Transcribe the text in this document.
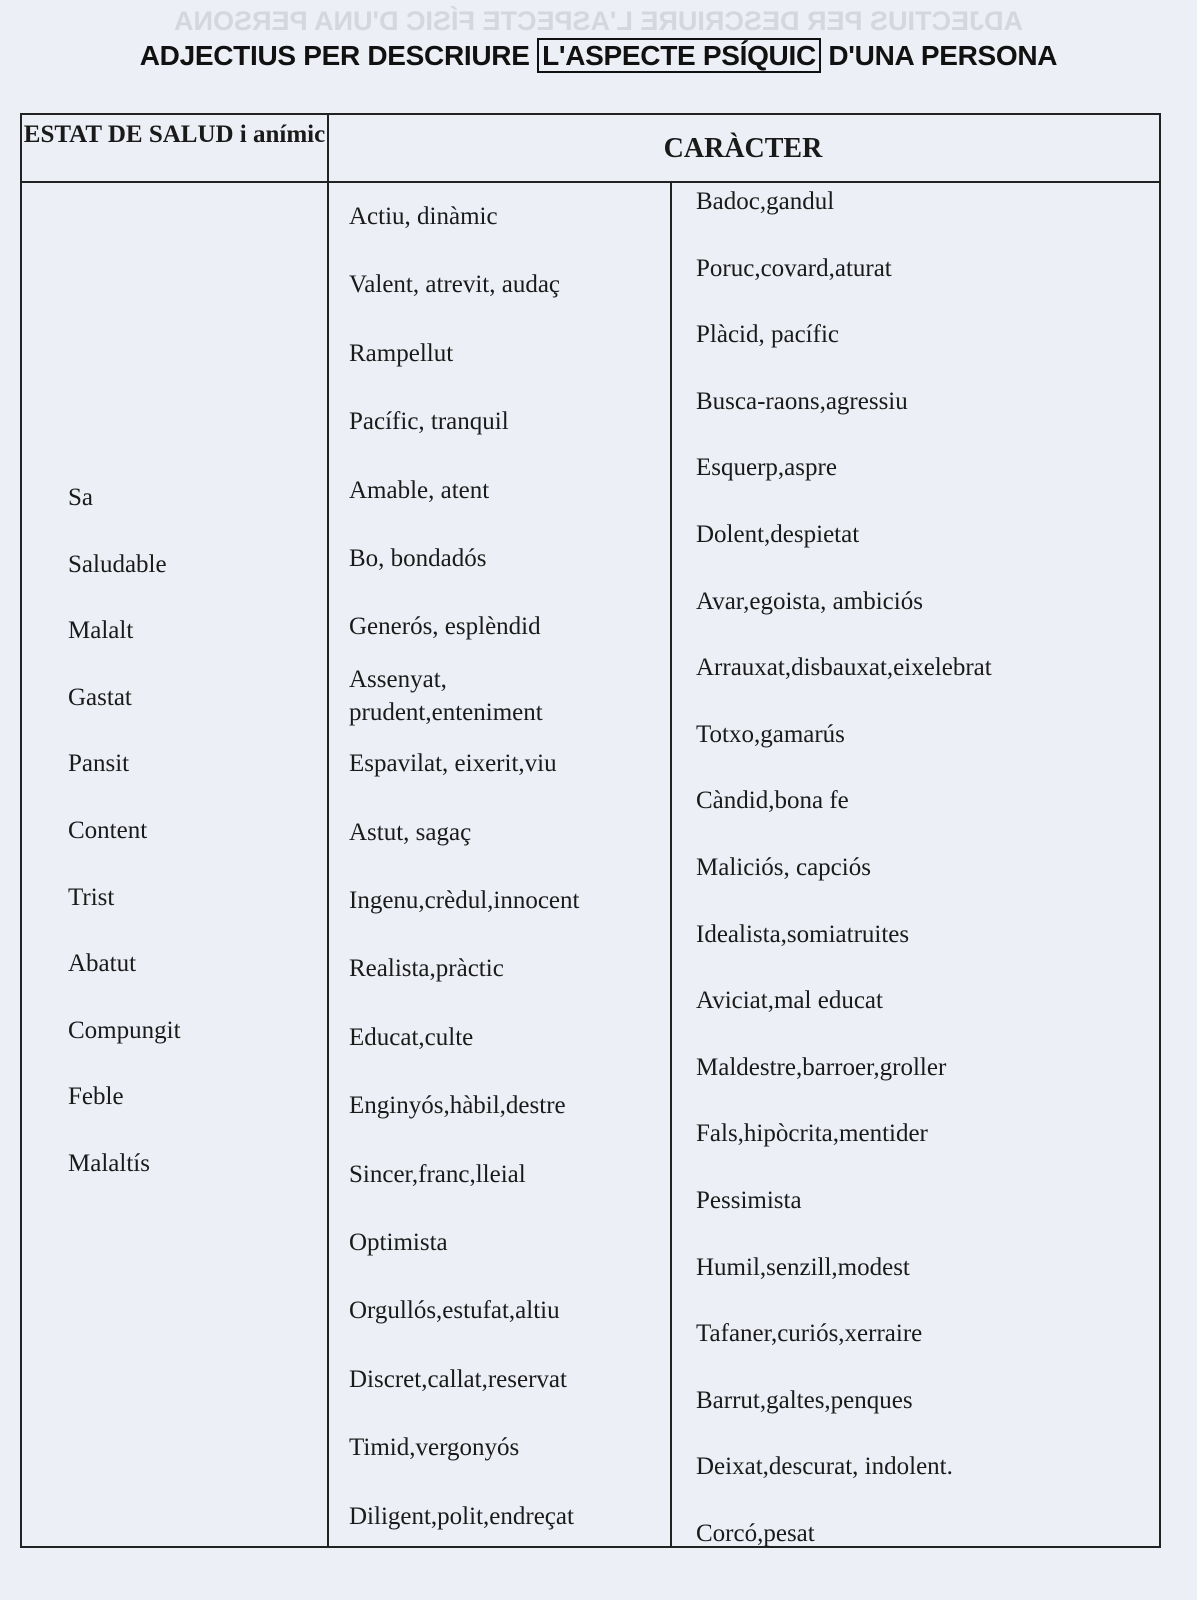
ADJECTIUS PER DESCRIURE L'ASPECTE FÍSIC D'UNA PERSONA
ADJECTIUS PER DESCRIURE L'ASPECTE PSÍQUIC D'UNA PERSONA
ESTAT DE SALUD i anímic	CARÀCTER
Sa
Saludable
Malalt
Gastat
Pansit
Content
Trist
Abatut
Compungit
Feble
Malaltís
Actiu, dinàmic
Valent, atrevit, audaç
Rampellut
Pacífic, tranquil
Amable, atent
Bo, bondadós
Generós, esplèndid
Assenyat, prudent,enteniment
Espavilat, eixerit,viu
Astut, sagaç
Ingenu,crèdul,innocent
Realista,pràctic
Educat,culte
Enginyós,hàbil,destre
Sincer,franc,lleial
Optimista
Orgullós,estufat,altiu
Discret,callat,reservat
Timid,vergonyós
Diligent,polit,endreçat
Badoc,gandul
Poruc,covard,aturat
Plàcid, pacífic
Busca-raons,agressiu
Esquerp,aspre
Dolent,despietat
Avar,egoista, ambiciós
Arrauxat,disbauxat,eixelebrat
Totxo,gamarús
Càndid,bona fe
Maliciós, capciós
Idealista,somiatruites
Aviciat,mal educat
Maldestre,barroer,groller
Fals,hipòcrita,mentider
Pessimista
Humil,senzill,modest
Tafaner,curiós,xerraire
Barrut,galtes,penques
Deixat,descurat, indolent.
Corcó,pesat
